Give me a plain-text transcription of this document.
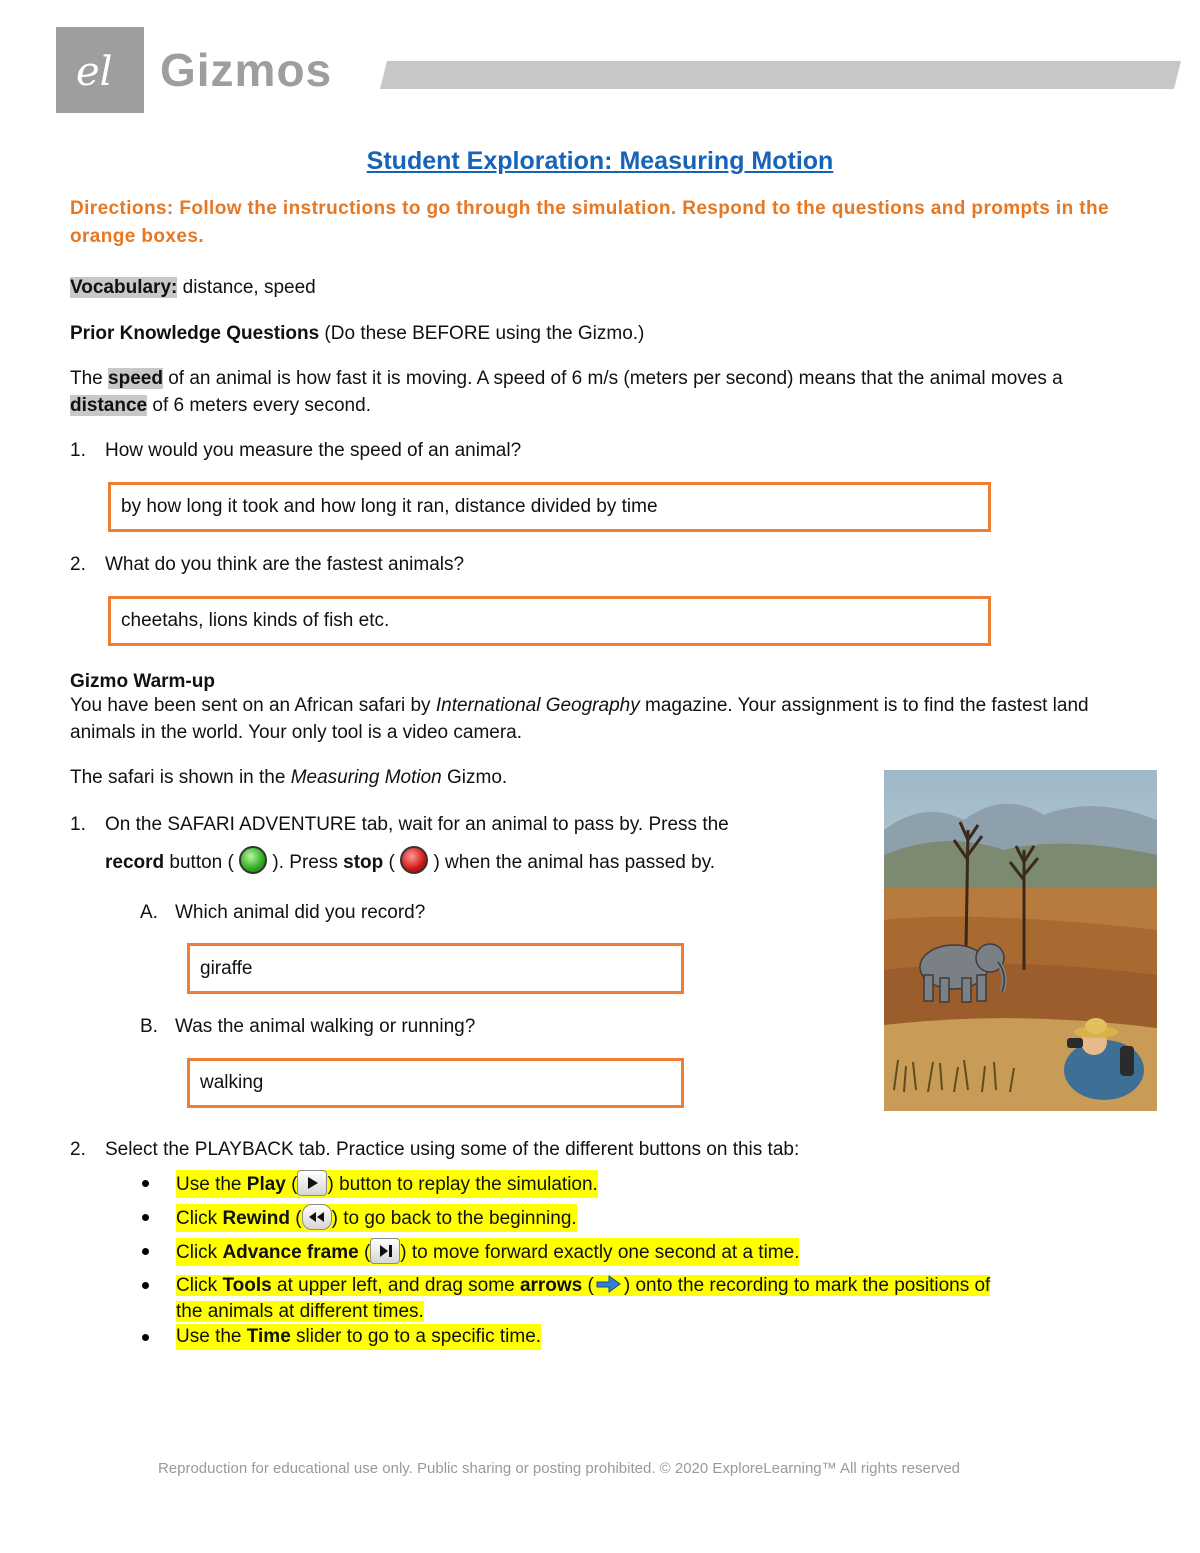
el Gizmos
Student Exploration: Measuring Motion
Directions: Follow the instructions to go through the simulation. Respond to the questions and prompts in the orange boxes.
Vocabulary: distance, speed
Prior Knowledge Questions (Do these BEFORE using the Gizmo.)
The speed of an animal is how fast it is moving. A speed of 6 m/s (meters per second) means that the animal moves a distance of 6 meters every second.
1. How would you measure the speed of an animal?
by how long it took and how long it ran, distance divided by time
2. What do you think are the fastest animals?
cheetahs, lions kinds of fish etc.
Gizmo Warm-up
You have been sent on an African safari by International Geography magazine. Your assignment is to find the fastest land animals in the world. Your only tool is a video camera.
The safari is shown in the Measuring Motion Gizmo.
1. On the SAFARI ADVENTURE tab, wait for an animal to pass by. Press the
record button ( ). Press stop ( ) when the animal has passed by.
A. Which animal did you record?
giraffe
B. Was the animal walking or running?
walking
2. Select the PLAYBACK tab. Practice using some of the different buttons on this tab:
Use the Play ( ) button to replay the simulation.
Click Rewind ( ) to go back to the beginning.
Click Advance frame ( ) to move forward exactly one second at a time.
Click Tools at upper left, and drag some arrows ( ) onto the recording to mark the positions of
the animals at different times.
Use the Time slider to go to a specific time.
Reproduction for educational use only. Public sharing or posting prohibited. © 2020 ExploreLearning™ All rights reserved
